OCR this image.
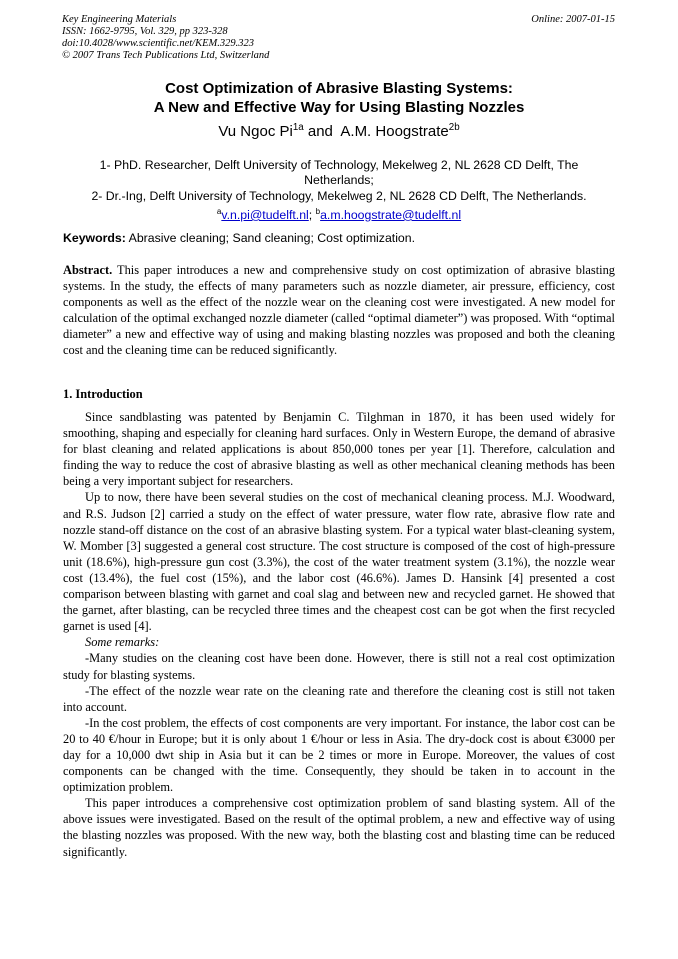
Key Engineering Materials
ISSN: 1662-9795, Vol. 329, pp 323-328
doi:10.4028/www.scientific.net/KEM.329.323
© 2007 Trans Tech Publications Ltd, Switzerland
Online: 2007-01-15
Cost Optimization of Abrasive Blasting Systems:
A New and Effective Way for Using Blasting Nozzles
Vu Ngoc $Pi^{1a}$ and  A.M. Hoogstrate$^{2b}$
1- PhD. Researcher, Delft University of Technology, Mekelweg 2, NL 2628 CD Delft, The Netherlands;
2- Dr.-Ing, Delft University of Technology, Mekelweg 2, NL 2628 CD Delft, The Netherlands.
$^a$v.n.pi@tudelft.nl; $^b$a.m.hoogstrate@tudelft.nl
Keywords: Abrasive cleaning; Sand cleaning; Cost optimization.
Abstract. This paper introduces a new and comprehensive study on cost optimization of abrasive blasting systems. In the study, the effects of many parameters such as nozzle diameter, air pressure, efficiency, cost components as well as the effect of the nozzle wear on the cleaning cost were investigated. A new model for calculation of the optimal exchanged nozzle diameter (called “optimal diameter”) was proposed. With “optimal diameter” a new and effective way of using and making blasting nozzles was proposed and both the cleaning cost and the cleaning time can be reduced significantly.
1. Introduction

Since sandblasting was patented by Benjamin C. Tilghman in 1870, it has been used widely for smoothing, shaping and especially for cleaning hard surfaces. Only in Western Europe, the demand of abrasive for blast cleaning and related applications is about 850,000 tones per year [1]. Therefore, calculation and finding the way to reduce the cost of abrasive blasting as well as other mechanical cleaning methods has been being a very important subject for researchers.

Up to now, there have been several studies on the cost of mechanical cleaning process. M.J. Woodward, and R.S. Judson [2] carried a study on the effect of water pressure, water flow rate, abrasive flow rate and nozzle stand-off distance on the cost of an abrasive blasting system. For a typical water blast-cleaning system, W. Momber [3] suggested a general cost structure. The cost structure is composed of the cost of high-pressure unit (18.6%), high-pressure gun cost (3.3%), the cost of the water treatment system (3.1%), the nozzle wear cost (13.4%), the fuel cost (15%), and the labor cost (46.6%). James D. Hansink [4] presented a cost comparison between blasting with garnet and coal slag and between new and recycled garnet. He showed that the garnet, after blasting, can be recycled three times and the cheapest cost can be got when the first recycled garnet is used [4].

Some remarks:

-Many studies on the cleaning cost have been done. However, there is still not a real cost optimization study for blasting systems.

-The effect of the nozzle wear rate on the cleaning rate and therefore the cleaning cost is still not taken into account.

-In the cost problem, the effects of cost components are very important. For instance, the labor cost can be 20 to 40 €/hour in Europe; but it is only about 1 €/hour or less in Asia. The dry-dock cost is about €3000 per day for a 10,000 dwt ship in Asia but it can be 2 times or more in Europe. Moreover, the values of cost components can be changed with the time. Consequently, they should be taken in to account in the optimization problem.

This paper introduces a comprehensive cost optimization problem of sand blasting system. All of the above issues were investigated. Based on the result of the optimal problem, a new and effective way of using the blasting nozzles was proposed. With the new way, both the blasting cost and blasting time can be reduced significantly.
